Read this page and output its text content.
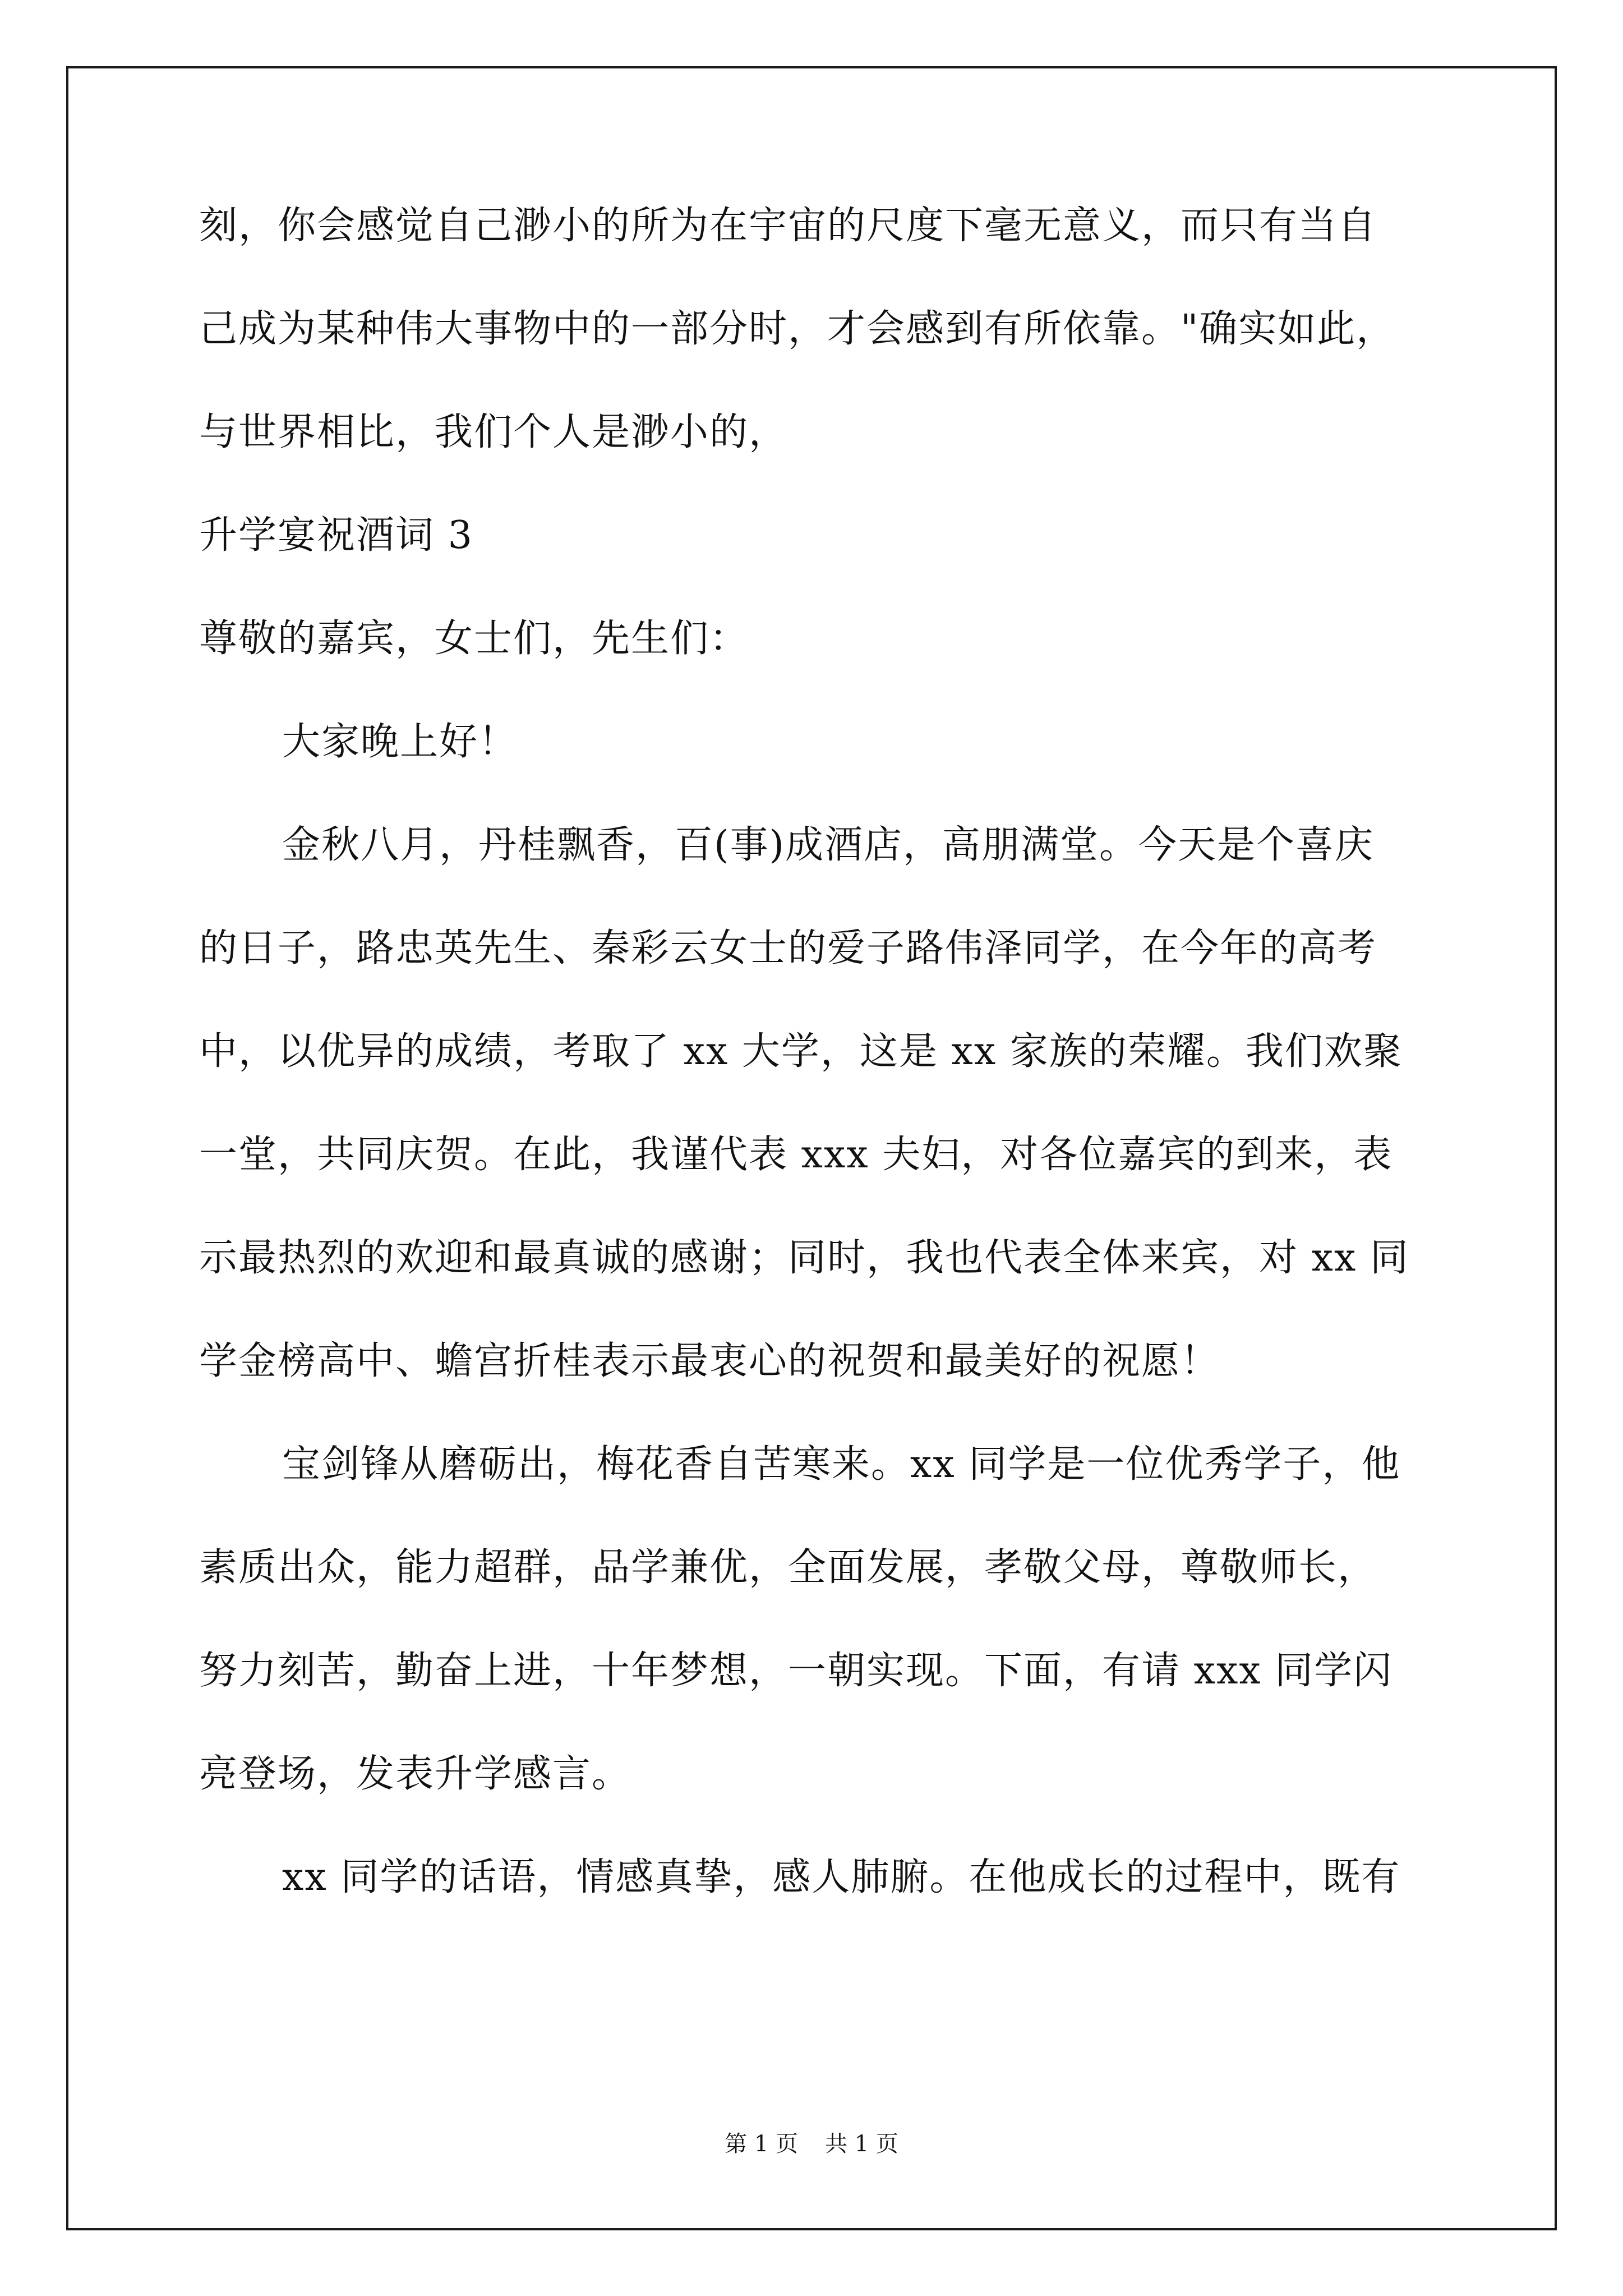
刻，你会感觉自己渺小的所为在宇宙的尺度下毫无意义，而只有当自
己成为某种伟大事物中的一部分时，才会感到有所依靠。"确实如此，
与世界相比，我们个人是渺小的，
升学宴祝酒词 3
尊敬的嘉宾，女士们，先生们：
大家晚上好！
金秋八月，丹桂飘香，百(事)成酒店，高朋满堂。今天是个喜庆
的日子，路忠英先生、秦彩云女士的爱子路伟泽同学，在今年的高考
中，以优异的成绩，考取了 xx 大学，这是 xx 家族的荣耀。我们欢聚
一堂，共同庆贺。在此，我谨代表 xxx 夫妇，对各位嘉宾的到来，表
示最热烈的欢迎和最真诚的感谢；同时，我也代表全体来宾，对 xx 同
学金榜高中、蟾宫折桂表示最衷心的祝贺和最美好的祝愿！
宝剑锋从磨砺出，梅花香自苦寒来。xx 同学是一位优秀学子，他
素质出众，能力超群，品学兼优，全面发展，孝敬父母，尊敬师长，
努力刻苦，勤奋上进，十年梦想，一朝实现。下面，有请 xxx 同学闪
亮登场，发表升学感言。
xx 同学的话语，情感真挚，感人肺腑。在他成长的过程中，既有
第 1 页 共 1 页
